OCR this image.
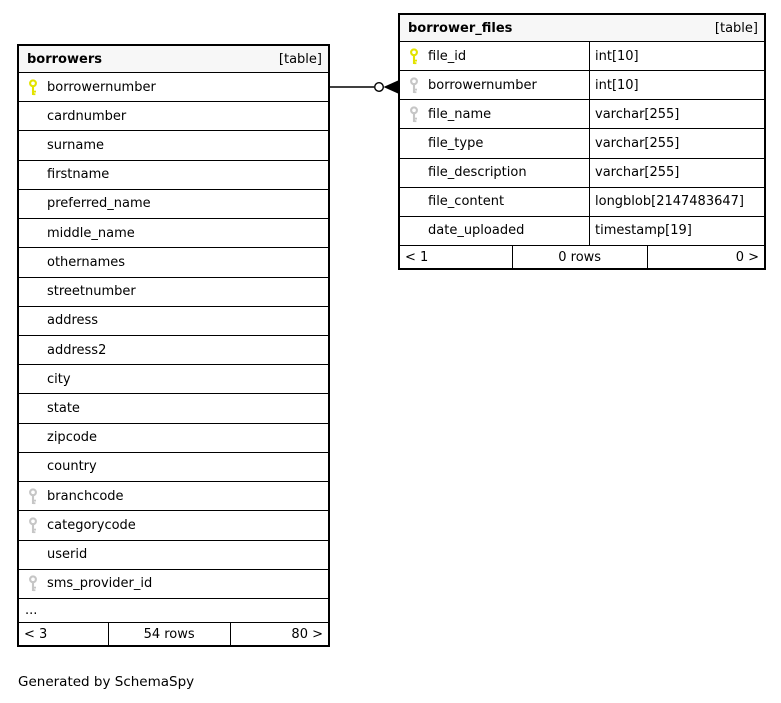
borrowers	[table]
borrowernumber
cardnumber
surname
firstname
preferred_name
middle_name
othernames
streetnumber
address
address2
city
state
zipcode
country
branchcode
categorycode
userid
sms_provider_id
...
< 3	54 rows	80 >
borrower_files	[table]
file_id	int[10]
borrowernumber	int[10]
file_name	varchar[255]
file_type	varchar[255]
file_description	varchar[255]
file_content	longblob[2147483647]
date_uploaded	timestamp[19]
< 1	0 rows	0 >
Generated by SchemaSpy
